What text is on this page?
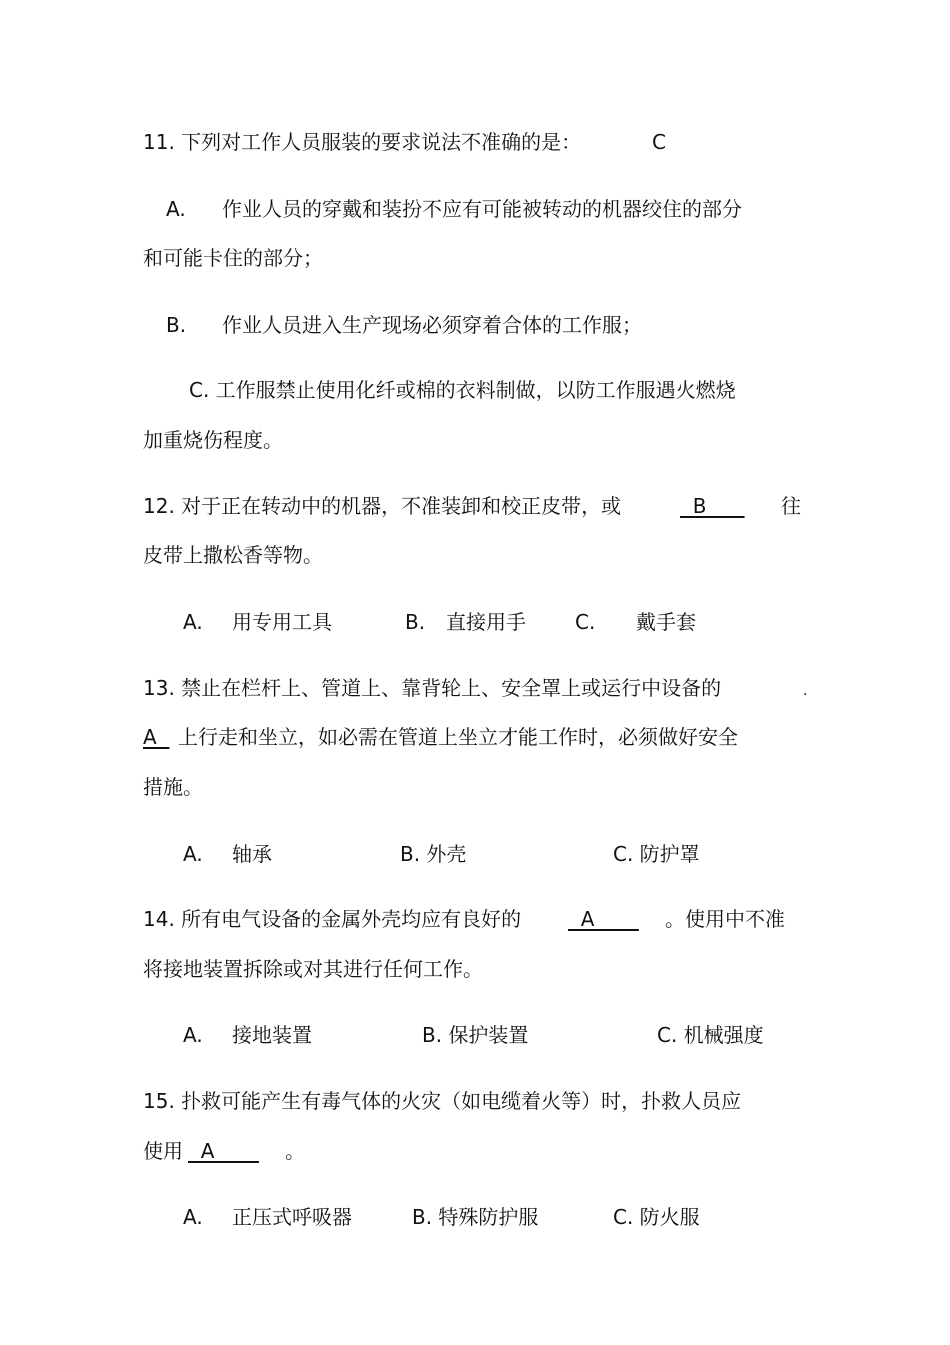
11. 下列对工作人员服装的要求说法不准确的是：	C
A. 作业人员的穿戴和装扮不应有可能被转动的机器绞住的部分
和可能卡住的部分；
B. 作业人员进入生产现场必须穿着合体的工作服；
C. 工作服禁止使用化纤或棉的衣料制做，以防工作服遇火燃烧
加重烧伤程度。
12. 对于正在转动中的机器，不准装卸和校正皮带，或	B 往
皮带上撒松香等物。
A. 用专用工具	B. 直接用手 C. 戴手套
13. 禁止在栏杆上、管道上、靠背轮上、安全罩上或运行中设备的	.
A 上行走和坐立，如必需在管道上坐立才能工作时，必须做好安全
措施。
A. 轴承	B. 外壳	C. 防护罩
14. 所有电气设备的金属外壳均应有良好的 A 。使用中不准
将接地装置拆除或对其进行任何工作。
A. 接地装置	B. 保护装置	C. 机械强度
15. 扑救可能产生有毒气体的火灾（如电缆着火等）时，扑救人员应
使用 A 。
A. 正压式呼吸器	B. 特殊防护服	C. 防火服
